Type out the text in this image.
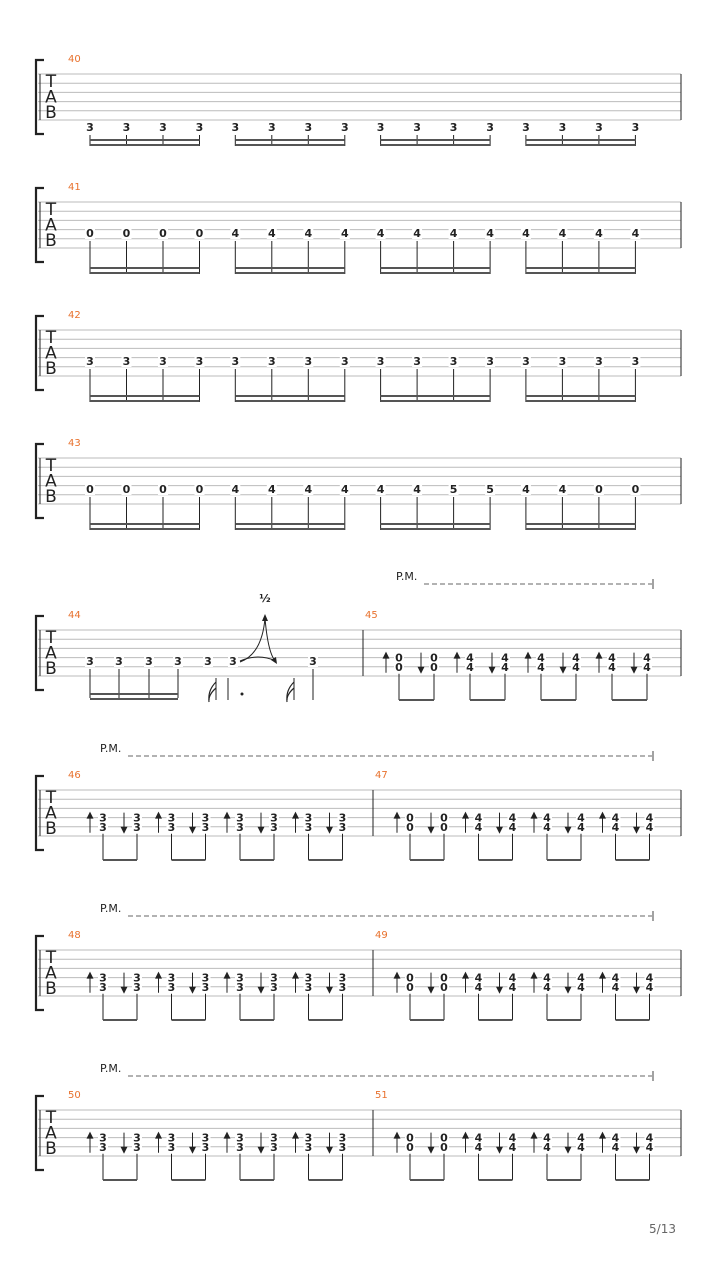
T
A
B
40
3	3	3	3	3	3	3	3	3	3	3	3	3	3	3	3
T
A
B
41
0	0	0	0	4	4	4	4	4	4	4	4	4	4	4	4
T
A
B
42
3	3	3	3	3	3	3	3	3	3	3	3	3	3	3	3
T
A
B
43
0	0	0	0	4	4	4	4	4	4	5	5	4	4	0	0
P.M.
T
A
B
44
3 3 3 3 3 3	3
½
45
0
0
0
0
4
4
4
4
4
4
4
4
4
4
4
4
P.M.
T
A
B
46
3
3
3
3
3
3
3
3
3
3
3
3
3
3
3
3
47
0
0
0
0
4
4
4
4
4
4
4
4
4
4
4
4
P.M.
T
A
B
48
3
3
3
3
3
3
3
3
3
3
3
3
3
3
3
3
49
0
0
0
0
4
4
4
4
4
4
4
4
4
4
4
4
P.M.
T
A
B
50
3
3
3
3
3
3
3
3
3
3
3
3
3
3
3
3
51
0
0
0
0
4
4
4
4
4
4
4
4
4
4
4
4
5/13
